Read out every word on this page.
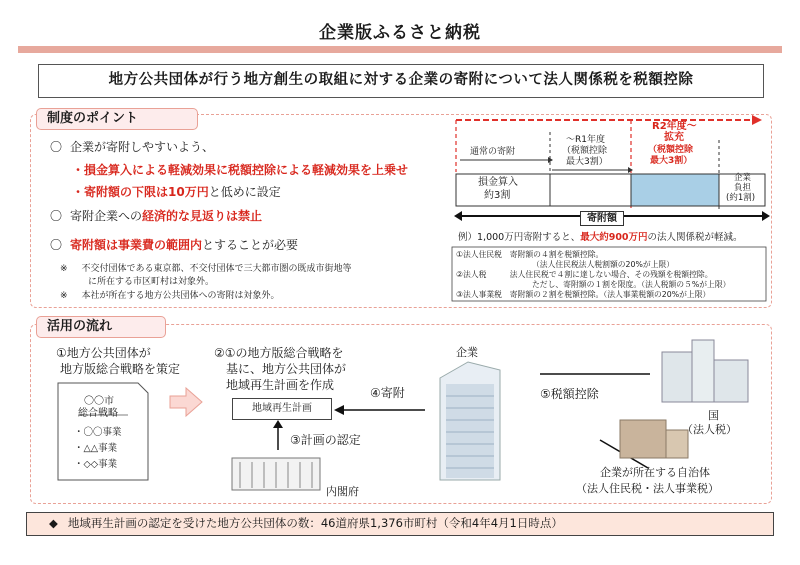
企業版ふるさと納税
地方公共団体が行う地方創生の取組に対する企業の寄附について法人関係税を税額控除
制度のポイント
〇 企業が寄附しやすいよう、
・損金算入による軽減効果に税額控除による軽減効果を上乗せ
・寄附額の下限は10万円と低めに設定
〇 寄附企業への経済的な見返りは禁止
〇 寄附額は事業費の範囲内とすることが必要
※ 不交付団体である東京都、不交付団体で三大都市圏の既成市街地等
に所在する市区町村は対象外。
※ 本社が所在する地方公共団体への寄附は対象外。
R2年度～
拡充
（税額控除
最大3割）
～R1年度
（税額控除
最大3割）
通常の寄附
損金算入
約3割
企業
負担
(約1割)
寄附額
例）1,000万円寄附すると、最大約900万円の法人関係税が軽減。
①法人住民税　寄附額の４割を税額控除。
（法人住民税法人税割額の20%が上限）
②法人税　　　法人住民税で４割に達しない場合、その残額を税額控除。
ただし、寄附額の１割を限度。（法人税額の５%が上限）
③法人事業税　寄附額の２割を税額控除。（法人事業税額の20%が上限）
活用の流れ
①地方公共団体が
地方版総合戦略を策定
〇〇市
総合戦略
・〇〇事業
・△△事業
・◇◇事業
②①の地方版総合戦略を
基に、地方公共団体が
地域再生計画を作成
地域再生計画
③計画の認定
内閣府
企業
④寄附	⑤税額控除
国
（法人税）
企業が所在する自治体
（法人住民税・法人事業税）
◆ 地域再生計画の認定を受けた地方公共団体の数：46道府県1,376市町村（令和4年4月1日時点）
